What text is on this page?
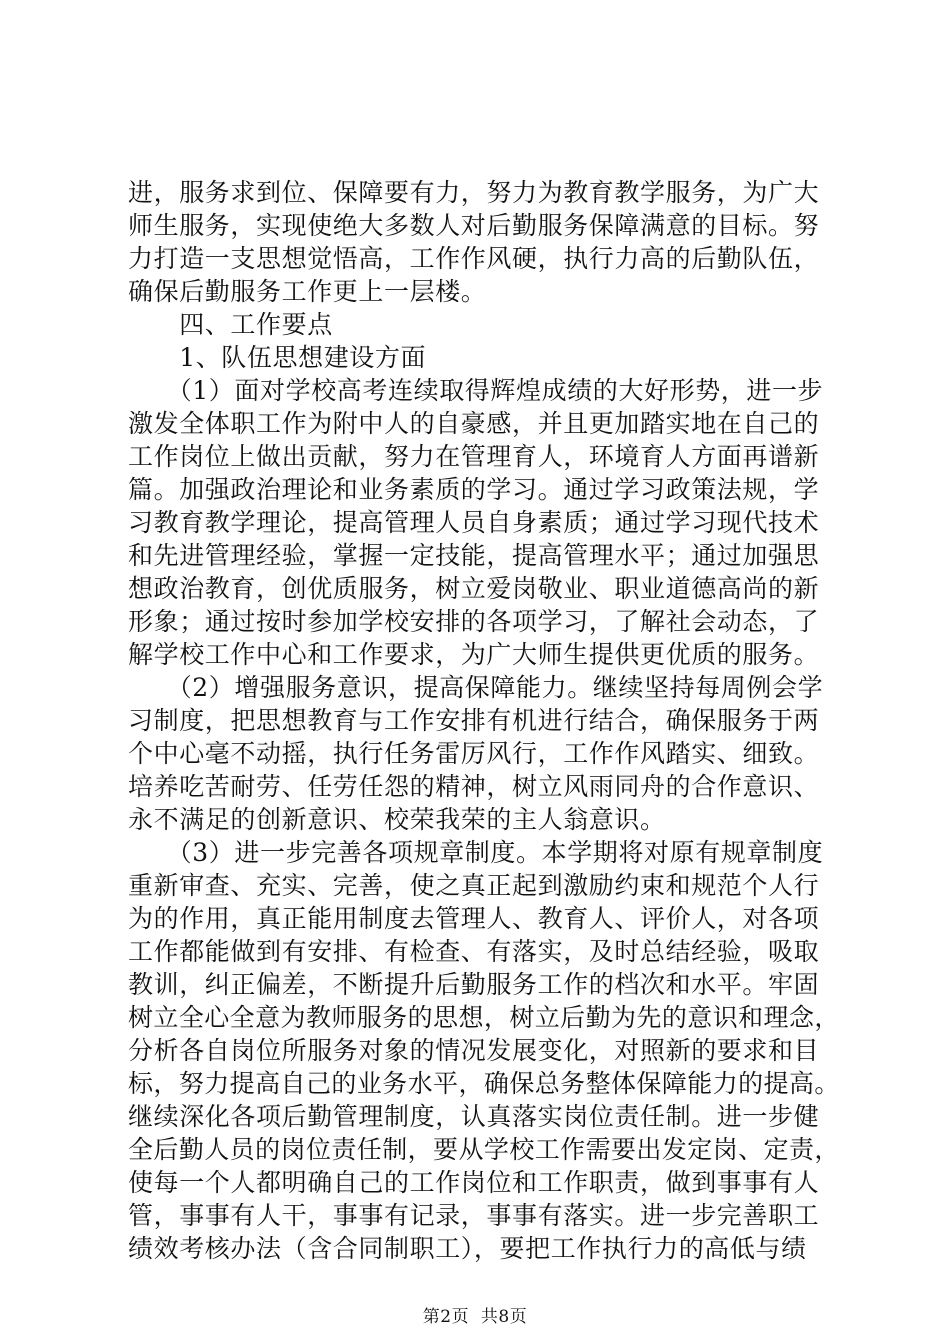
进，服务求到位、保障要有力，努力为教育教学服务，为广大
师生服务，实现使绝大多数人对后勤服务保障满意的目标。努
力打造一支思想觉悟高，工作作风硬，执行力高的后勤队伍，
确保后勤服务工作更上一层楼。
　　四、工作要点
　　1、队伍思想建设方面
　　（1）面对学校高考连续取得辉煌成绩的大好形势，进一步
激发全体职工作为附中人的自豪感，并且更加踏实地在自己的
工作岗位上做出贡献，努力在管理育人，环境育人方面再谱新
篇。加强政治理论和业务素质的学习。通过学习政策法规，学
习教育教学理论，提高管理人员自身素质；通过学习现代技术
和先进管理经验，掌握一定技能，提高管理水平；通过加强思
想政治教育，创优质服务，树立爱岗敬业、职业道德高尚的新
形象；通过按时参加学校安排的各项学习，了解社会动态，了
解学校工作中心和工作要求，为广大师生提供更优质的服务。
　　（2）增强服务意识，提高保障能力。继续坚持每周例会学
习制度，把思想教育与工作安排有机进行结合，确保服务于两
个中心毫不动摇，执行任务雷厉风行，工作作风踏实、细致。
培养吃苦耐劳、任劳任怨的精神，树立风雨同舟的合作意识、
永不满足的创新意识、校荣我荣的主人翁意识。
　　（3）进一步完善各项规章制度。本学期将对原有规章制度
重新审查、充实、完善，使之真正起到激励约束和规范个人行
为的作用，真正能用制度去管理人、教育人、评价人，对各项
工作都能做到有安排、有检查、有落实，及时总结经验，吸取
教训，纠正偏差，不断提升后勤服务工作的档次和水平。牢固
树立全心全意为教师服务的思想，树立后勤为先的意识和理念，
分析各自岗位所服务对象的情况发展变化，对照新的要求和目
标，努力提高自己的业务水平，确保总务整体保障能力的提高。
继续深化各项后勤管理制度，认真落实岗位责任制。进一步健
全后勤人员的岗位责任制，要从学校工作需要出发定岗、定责，
使每一个人都明确自己的工作岗位和工作职责，做到事事有人
管，事事有人干，事事有记录，事事有落实。进一步完善职工
绩效考核办法（含合同制职工），要把工作执行力的高低与绩
第2页  共8页
